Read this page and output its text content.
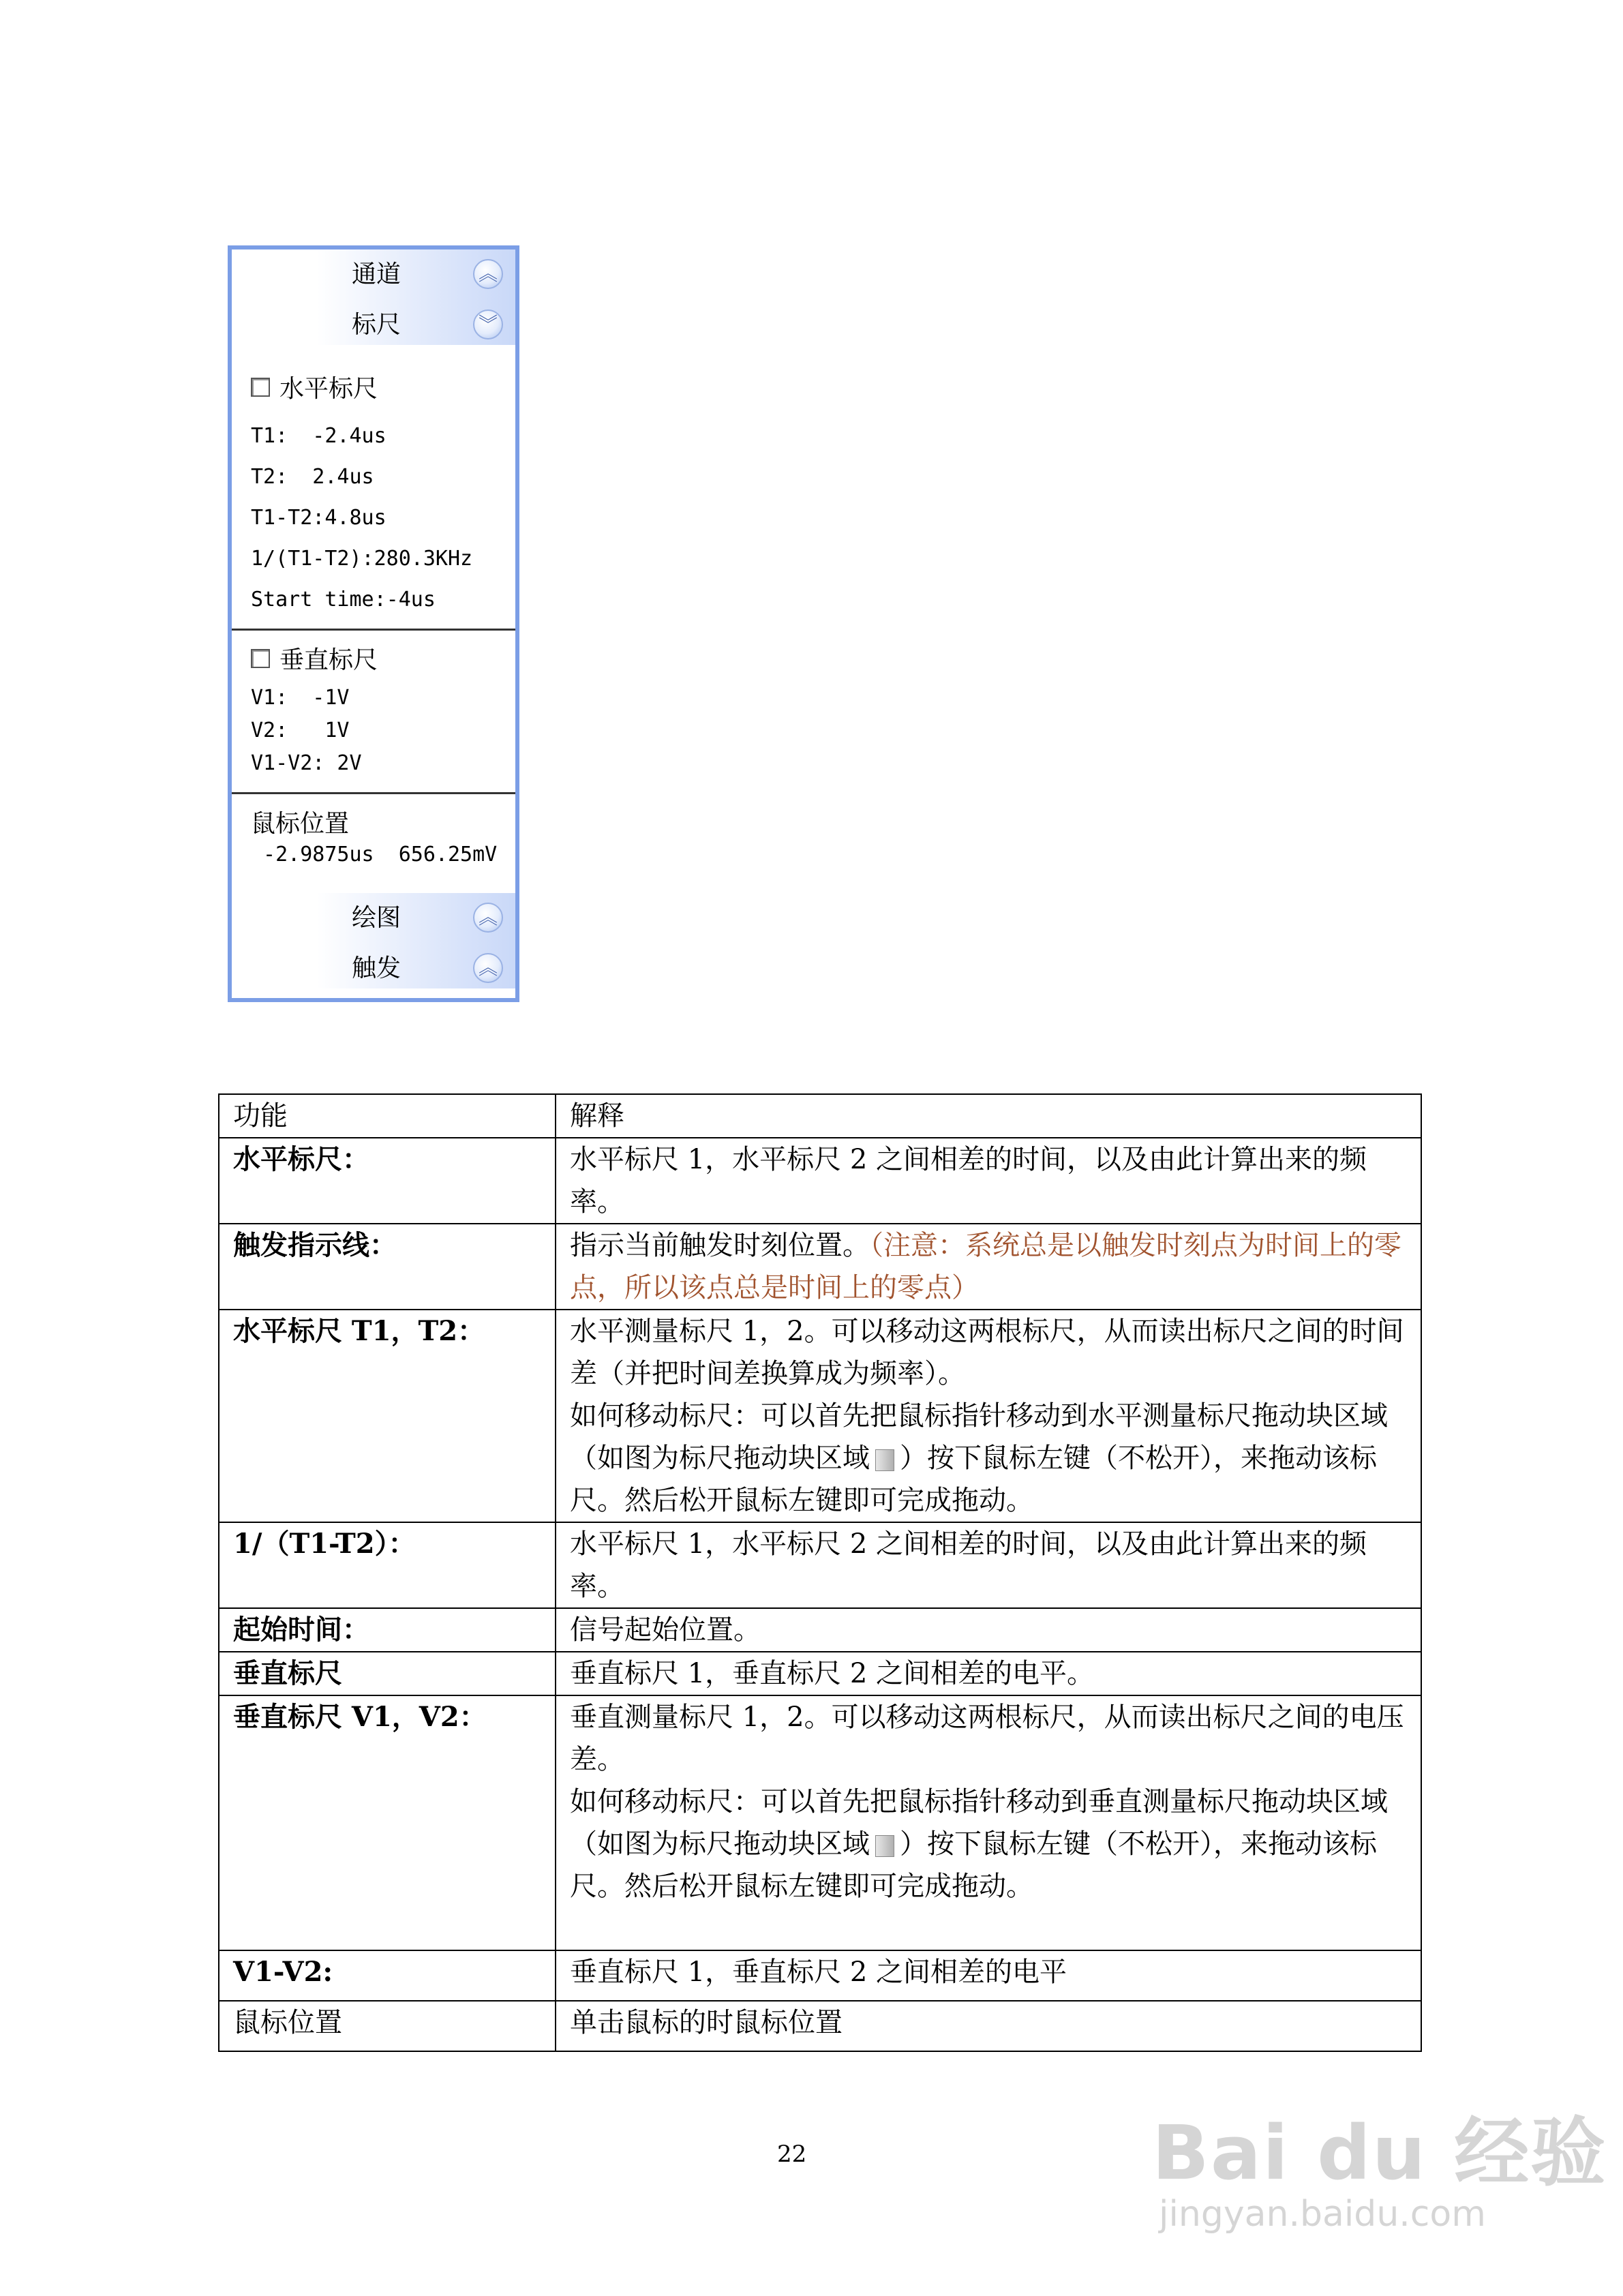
通道	︽
标尺	︾
水平标尺
T1:  -2.4us
T2:  2.4us
T1-T2:4.8us
1/(T1-T2):280.3KHz
Start time:-4us
垂直标尺
V1:  -1V
V2:   1V
V1-V2: 2V
鼠标位置
-2.9875us  656.25mV
绘图	︽
触发	︽
功能	解释
水平标尺：	水平标尺 1，水平标尺 2 之间相差的时间，以及由此计算出来的频率。
触发指示线：	指示当前触发时刻位置。（注意：系统总是以触发时刻点为时间上的零点，所以该点总是时间上的零点）
水平标尺 T1，T2：	水平测量标尺 1，2。可以移动这两根标尺，从而读出标尺之间的时间差（并把时间差换算成为频率）。
如何移动标尺：可以首先把鼠标指针移动到水平测量标尺拖动块区域（如图为标尺拖动块区域 ）按下鼠标左键（不松开），来拖动该标尺。然后松开鼠标左键即可完成拖动。

1/（T1-T2）：	水平标尺 1，水平标尺 2 之间相差的时间，以及由此计算出来的频率。
起始时间：	信号起始位置。
垂直标尺	垂直标尺 1，垂直标尺 2 之间相差的电平。
垂直标尺 V1，V2：	垂直测量标尺 1，2。可以移动这两根标尺，从而读出标尺之间的电压差。
如何移动标尺：可以首先把鼠标指针移动到垂直测量标尺拖动块区域（如图为标尺拖动块区域 ）按下鼠标左键（不松开），来拖动该标尺。然后松开鼠标左键即可完成拖动。

V1-V2:	垂直标尺 1，垂直标尺 2 之间相差的电平
鼠标位置	单击鼠标的时鼠标位置
22	Bai du 经验
jingyan.baidu.com
